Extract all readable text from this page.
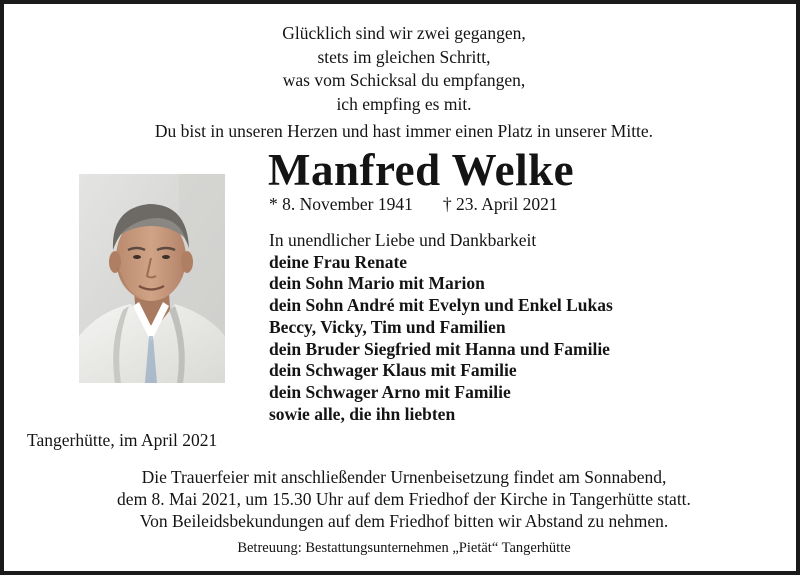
Glücklich sind wir zwei gegangen,
stets im gleichen Schritt,
was vom Schicksal du empfangen,
ich empfing es mit.
Du bist in unseren Herzen und hast immer einen Platz in unserer Mitte.
Manfred Welke
* 8. November 1941 † 23. April 2021
In unendlicher Liebe und Dankbarkeit
deine Frau Renate
dein Sohn Mario mit Marion
dein Sohn André mit Evelyn und Enkel Lukas
Beccy, Vicky, Tim und Familien
dein Bruder Siegfried mit Hanna und Familie
dein Schwager Klaus mit Familie
dein Schwager Arno mit Familie
sowie alle, die ihn liebten
Tangerhütte, im April 2021
Die Trauerfeier mit anschließender Urnenbeisetzung findet am Sonnabend,
dem 8. Mai 2021, um 15.30 Uhr auf dem Friedhof der Kirche in Tangerhütte statt.
Von Beileidsbekundungen auf dem Friedhof bitten wir Abstand zu nehmen.
Betreuung: Bestattungsunternehmen „Pietät“ Tangerhütte
